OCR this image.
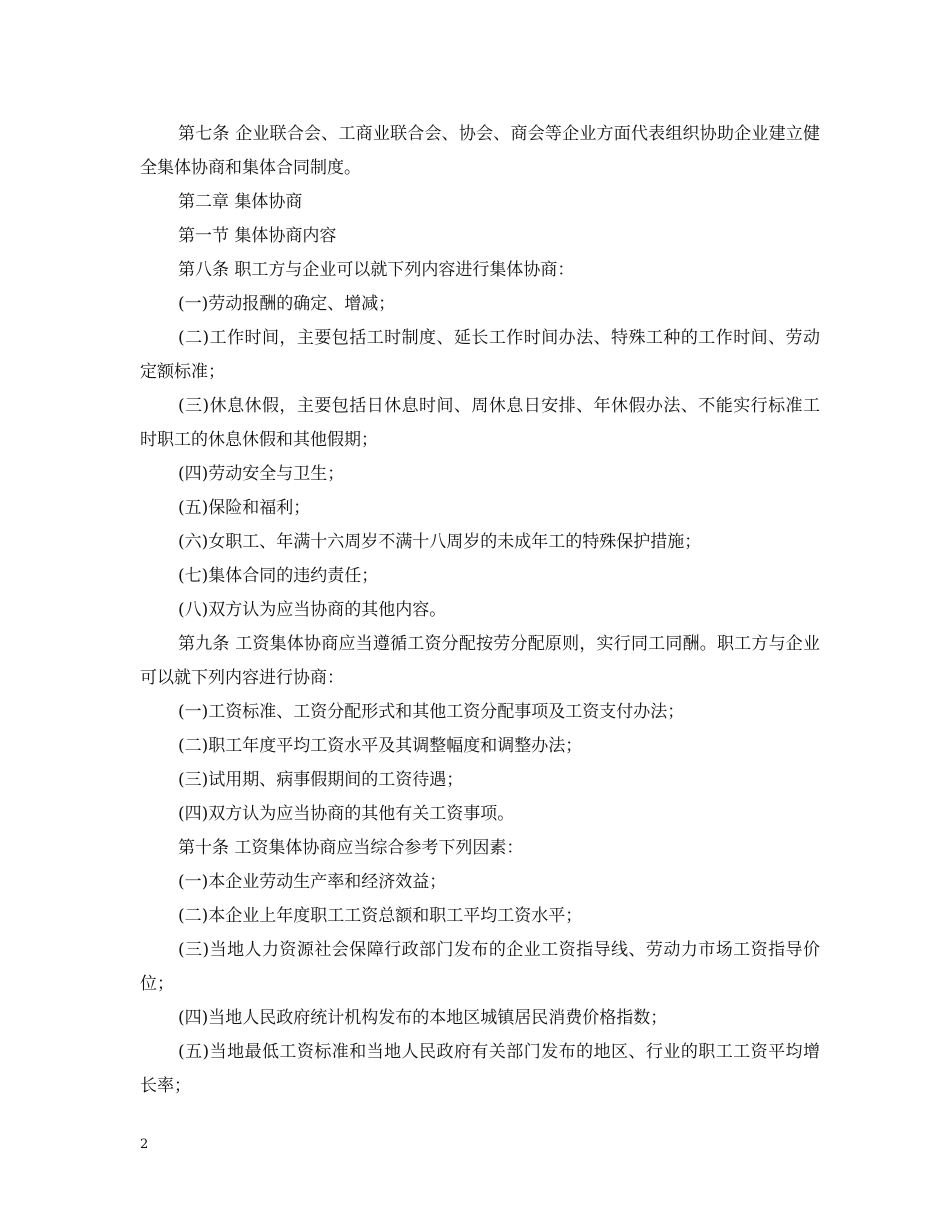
第七条 企业联合会、工商业联合会、协会、商会等企业方面代表组织协助企业建立健全集体协商和集体合同制度。

第二章 集体协商

第一节 集体协商内容

第八条 职工方与企业可以就下列内容进行集体协商：

(一)劳动报酬的确定、增减；

(二)工作时间，主要包括工时制度、延长工作时间办法、特殊工种的工作时间、劳动定额标准；

(三)休息休假，主要包括日休息时间、周休息日安排、年休假办法、不能实行标准工时职工的休息休假和其他假期；

(四)劳动安全与卫生；

(五)保险和福利；

(六)女职工、年满十六周岁不满十八周岁的未成年工的特殊保护措施；

(七)集体合同的违约责任；

(八)双方认为应当协商的其他内容。

第九条 工资集体协商应当遵循工资分配按劳分配原则，实行同工同酬。职工方与企业可以就下列内容进行协商：

(一)工资标准、工资分配形式和其他工资分配事项及工资支付办法；

(二)职工年度平均工资水平及其调整幅度和调整办法；

(三)试用期、病事假期间的工资待遇；

(四)双方认为应当协商的其他有关工资事项。

第十条 工资集体协商应当综合参考下列因素：

(一)本企业劳动生产率和经济效益；

(二)本企业上年度职工工资总额和职工平均工资水平；

(三)当地人力资源社会保障行政部门发布的企业工资指导线、劳动力市场工资指导价位；

(四)当地人民政府统计机构发布的本地区城镇居民消费价格指数；

(五)当地最低工资标准和当地人民政府有关部门发布的地区、行业的职工工资平均增长率；

2
